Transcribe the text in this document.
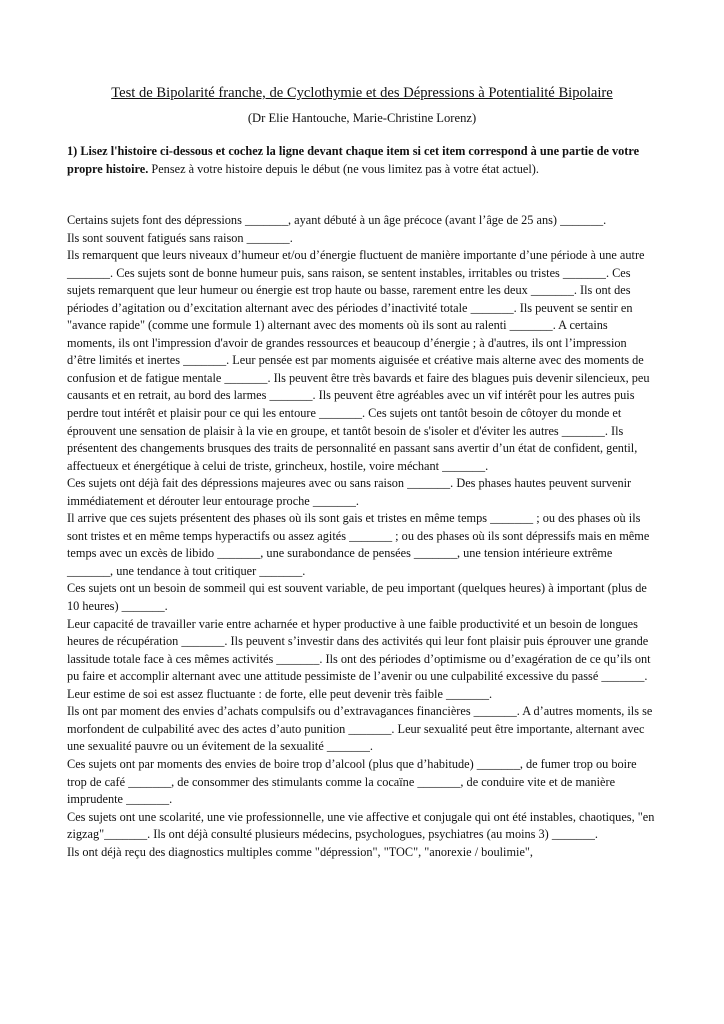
Test de Bipolarité franche, de Cyclothymie et des Dépressions à Potentialité Bipolaire
(Dr Elie Hantouche, Marie-Christine Lorenz)
1) Lisez l'histoire ci-dessous et cochez la ligne devant chaque item si cet item correspond à une partie de votre propre histoire. Pensez à votre histoire depuis le début (ne vous limitez pas à votre état actuel).

Certains sujets font des dépressions _______, ayant débuté à un âge précoce (avant l’âge de 25 ans) _______.

Ils sont souvent fatigués sans raison _______.

Ils remarquent que leurs niveaux d’humeur et/ou d’énergie fluctuent de manière importante d’une période à une autre _______. Ces sujets sont de bonne humeur puis, sans raison, se sentent instables, irritables ou tristes _______. Ces sujets remarquent que leur humeur ou énergie est trop haute ou basse, rarement entre les deux _______. Ils ont des périodes d’agitation ou d’excitation alternant avec des périodes d’inactivité totale _______. Ils peuvent se sentir en "avance rapide" (comme une formule 1) alternant avec des moments où ils sont au ralenti _______. A certains moments, ils ont l'impression d'avoir de grandes ressources et beaucoup d’énergie ; à d'autres, ils ont l’impression d’être limités et inertes _______. Leur pensée est par moments aiguisée et créative mais alterne avec des moments de confusion et de fatigue mentale _______. Ils peuvent être très bavards et faire des blagues puis devenir silencieux, peu causants et en retrait, au bord des larmes _______. Ils peuvent être agréables avec un vif intérêt pour les autres puis perdre tout intérêt et plaisir pour ce qui les entoure _______. Ces sujets ont tantôt besoin de côtoyer du monde et éprouvent une sensation de plaisir à la vie en groupe, et tantôt besoin de s'isoler et d'éviter les autres _______. Ils présentent des changements brusques des traits de personnalité en passant sans avertir d’un état de confident, gentil, affectueux et énergétique à celui de triste, grincheux, hostile, voire méchant _______.

Ces sujets ont déjà fait des dépressions majeures avec ou sans raison _______. Des phases hautes peuvent survenir immédiatement et dérouter leur entourage proche _______.

Il arrive que ces sujets présentent des phases où ils sont gais et tristes en même temps _______ ; ou des phases où ils sont tristes et en même temps hyperactifs ou assez agités _______ ; ou des phases où ils sont dépressifs mais en même temps avec un excès de libido _______, une surabondance de pensées _______, une tension intérieure extrême _______, une tendance à tout critiquer _______.

Ces sujets ont un besoin de sommeil qui est souvent variable, de peu important (quelques heures) à important (plus de 10 heures) _______.

Leur capacité de travailler varie entre acharnée et hyper productive à une faible productivité et un besoin de longues heures de récupération _______. Ils peuvent s’investir dans des activités qui leur font plaisir puis éprouver une grande lassitude totale face à ces mêmes activités _______. Ils ont des périodes d’optimisme ou d’exagération de ce qu’ils ont pu faire et accomplir alternant avec une attitude pessimiste de l’avenir ou une culpabilité excessive du passé _______. Leur estime de soi est assez fluctuante : de forte, elle peut devenir très faible _______.

Ils ont par moment des envies d’achats compulsifs ou d’extravagances financières _______. A d’autres moments, ils se morfondent de culpabilité avec des actes d’auto punition _______. Leur sexualité peut être importante, alternant avec une sexualité pauvre ou un évitement de la sexualité _______.

Ces sujets ont par moments des envies de boire trop d’alcool (plus que d’habitude) _______, de fumer trop ou boire trop de café _______, de consommer des stimulants comme la cocaïne _______, de conduire vite et de manière imprudente _______.

Ces sujets ont une scolarité, une vie professionnelle, une vie affective et conjugale qui ont été instables, chaotiques, "en zigzag"_______. Ils ont déjà consulté plusieurs médecins, psychologues, psychiatres (au moins 3) _______.

Ils ont déjà reçu des diagnostics multiples comme "dépression", "TOC", "anorexie / boulimie",
